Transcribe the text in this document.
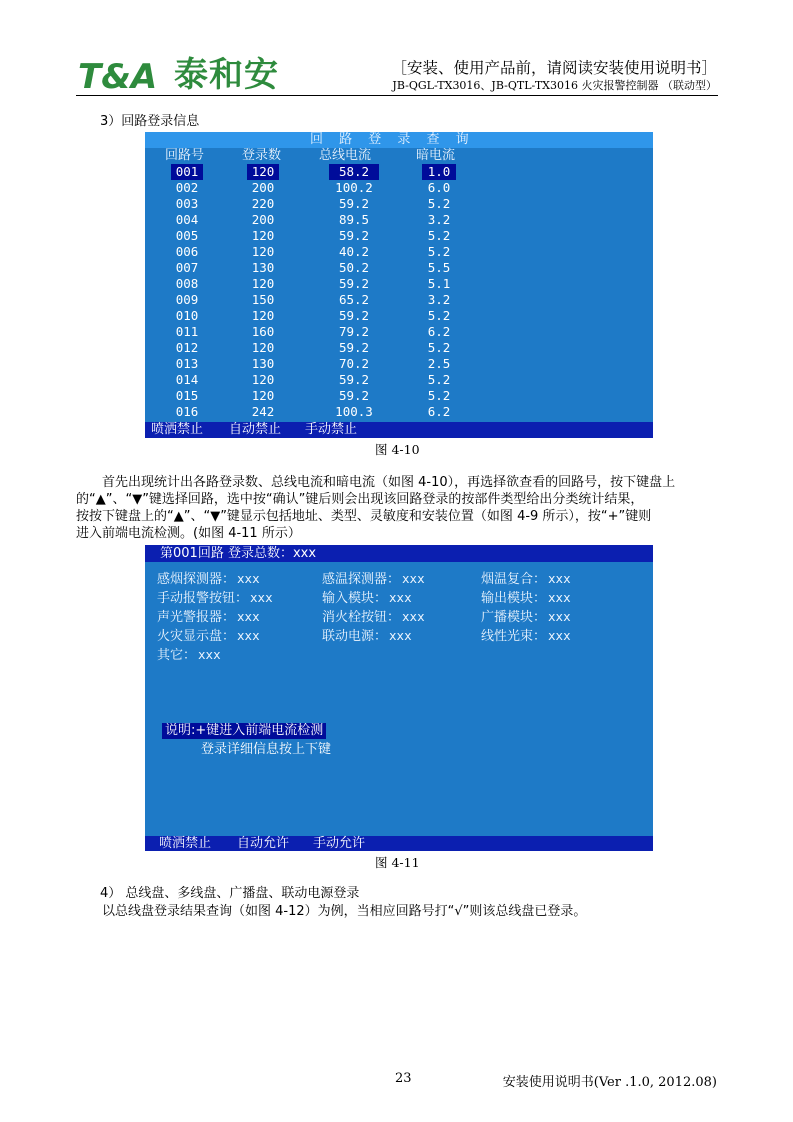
T&A 泰和安	［安装、使用产品前，请阅读安装使用说明书］
JB-QGL-TX3016、JB-QTL-TX3016 火灾报警控制器 （联动型）
3）回路登录信息
回 路 登 录 查 询
回路号	登录数	总线电流	暗电流
001	120	58.2	1.0
002	200	100.2	6.0
003	220	59.2	5.2
004	200	89.5	3.2
005	120	59.2	5.2
006	120	40.2	5.2
007	130	50.2	5.5
008	120	59.2	5.1
009	150	65.2	3.2
010	120	59.2	5.2
011	160	79.2	6.2
012	120	59.2	5.2
013	130	70.2	2.5
014	120	59.2	5.2
015	120	59.2	5.2
016	242	100.3	6.2
喷洒禁止 自动禁止 手动禁止
图 4-10

首先出现统计出各路登录数、总线电流和暗电流（如图 4-10），再选择欲查看的回路号，按下键盘上

的“▲”、“▼”键选择回路，选中按“确认”键后则会出现该回路登录的按部件类型给出分类统计结果，

按按下键盘上的“▲”、“▼”键显示包括地址、类型、灵敏度和安装位置（如图 4-9 所示），按“+”键则

进入前端电流检测。(如图 4-11 所示）

第001回路 登录总数：xxx
感烟探测器： xxx	感温探测器： xxx	烟温复合： xxx
手动报警按钮： xxx	输入模块： xxx	输出模块： xxx
声光警报器： xxx	消火栓按钮： xxx	广播模块： xxx
火灾显示盘： xxx	联动电源： xxx	线性光束： xxx
其它： xxx
说明:+键进入前端电流检测
登录详细信息按上下键
喷洒禁止 自动允许 手动允许
图 4-11
4） 总线盘、多线盘、广播盘、联动电源登录
以总线盘登录结果查询（如图 4-12）为例，当相应回路号打“√”则该总线盘已登录。
23	安装使用说明书(Ver .1.0, 2012.08)
